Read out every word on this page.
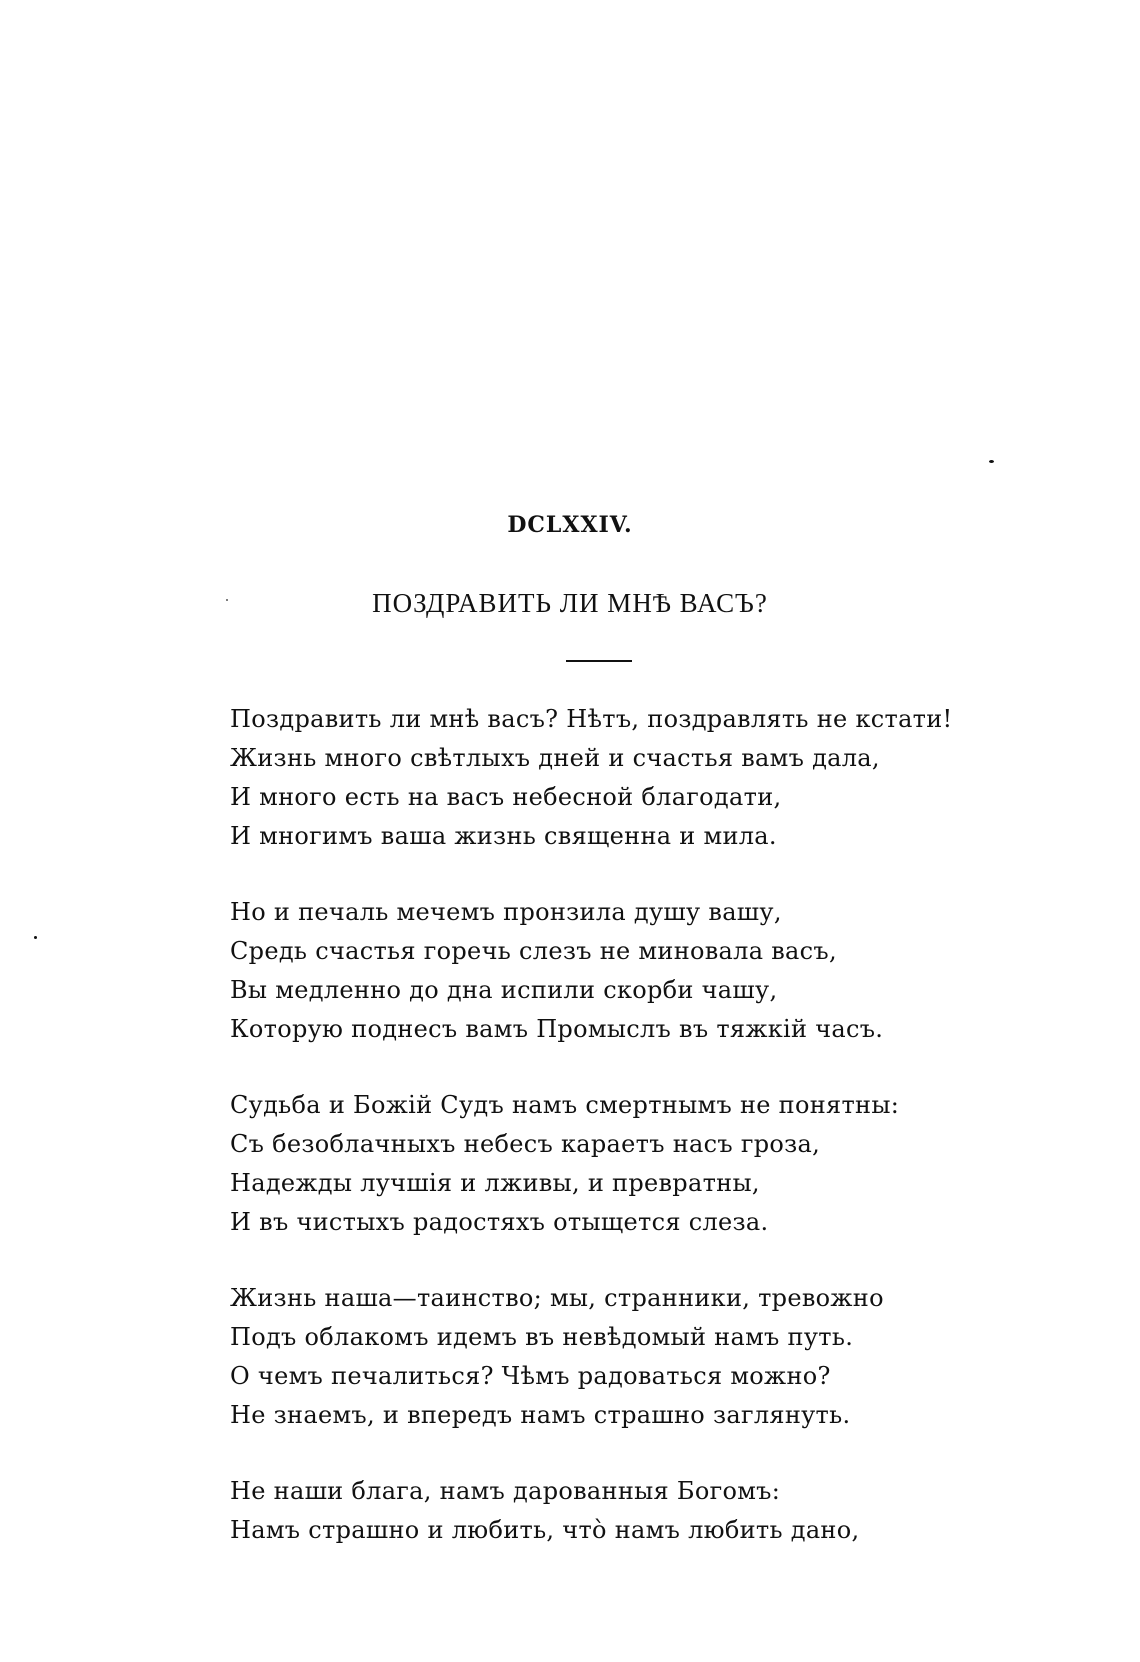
DCLXXIV.
ПОЗДРАВИТЬ ЛИ МНѢ ВАСЪ?
Поздравить ли мнѣ васъ? Нѣтъ, поздравлять не кстати!
Жизнь много свѣтлыхъ дней и счастья вамъ дала,
И много есть на васъ небесной благодати,
И многимъ ваша жизнь священна и мила.
Но и печаль мечемъ пронзила душу вашу,
Средь счастья горечь слезъ не миновала васъ,
Вы медленно до дна испили скорби чашу,
Которую поднесъ вамъ Промыслъ въ тяжкій часъ.
Судьба и Божій Судъ намъ смертнымъ не понятны:
Съ безоблачныхъ небесъ караетъ насъ гроза,
Надежды лучшія и лживы, и превратны,
И въ чистыхъ радостяхъ отыщется слеза.
Жизнь наша—таинство; мы, странники, тревожно
Подъ облакомъ идемъ въ невѣдомый намъ путь.
О чемъ печалиться? Чѣмъ радоваться можно?
Не знаемъ, и впередъ намъ страшно заглянуть.
Не наши блага, намъ дарованныя Богомъ:
Намъ страшно и любить, что̀ намъ любить дано,
